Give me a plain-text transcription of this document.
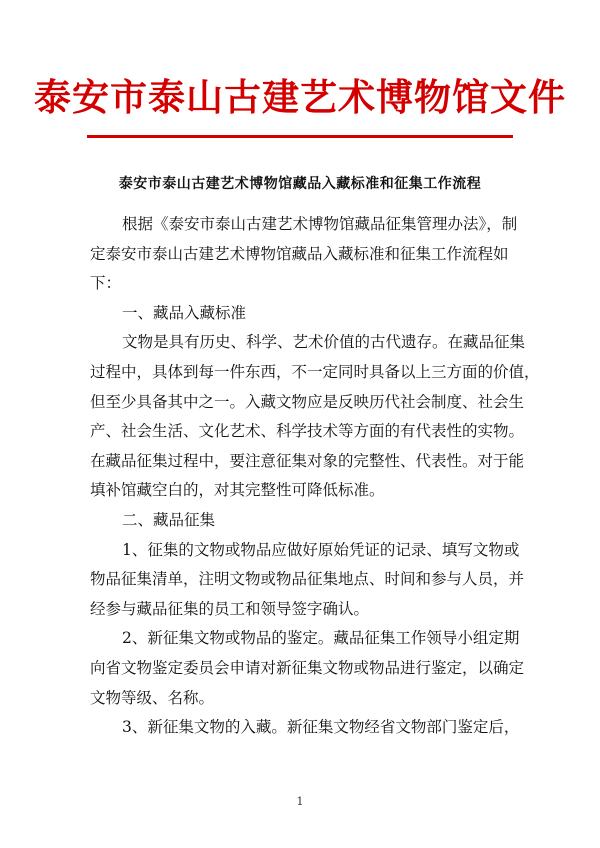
泰安市泰山古建艺术博物馆文件
泰安市泰山古建艺术博物馆藏品入藏标准和征集工作流程
根据《泰安市泰山古建艺术博物馆藏品征集管理办法》，制
定泰安市泰山古建艺术博物馆藏品入藏标准和征集工作流程如
下：
一、藏品入藏标准
文物是具有历史、科学、艺术价值的古代遗存。在藏品征集
过程中，具体到每一件东西，不一定同时具备以上三方面的价值，
但至少具备其中之一。入藏文物应是反映历代社会制度、社会生
产、社会生活、文化艺术、科学技术等方面的有代表性的实物。
在藏品征集过程中，要注意征集对象的完整性、代表性。对于能
填补馆藏空白的，对其完整性可降低标准。
二、藏品征集
1、征集的文物或物品应做好原始凭证的记录、填写文物或
物品征集清单，注明文物或物品征集地点、时间和参与人员，并
经参与藏品征集的员工和领导签字确认。
2、新征集文物或物品的鉴定。藏品征集工作领导小组定期
向省文物鉴定委员会申请对新征集文物或物品进行鉴定，以确定
文物等级、名称。
3、新征集文物的入藏。新征集文物经省文物部门鉴定后，
1
